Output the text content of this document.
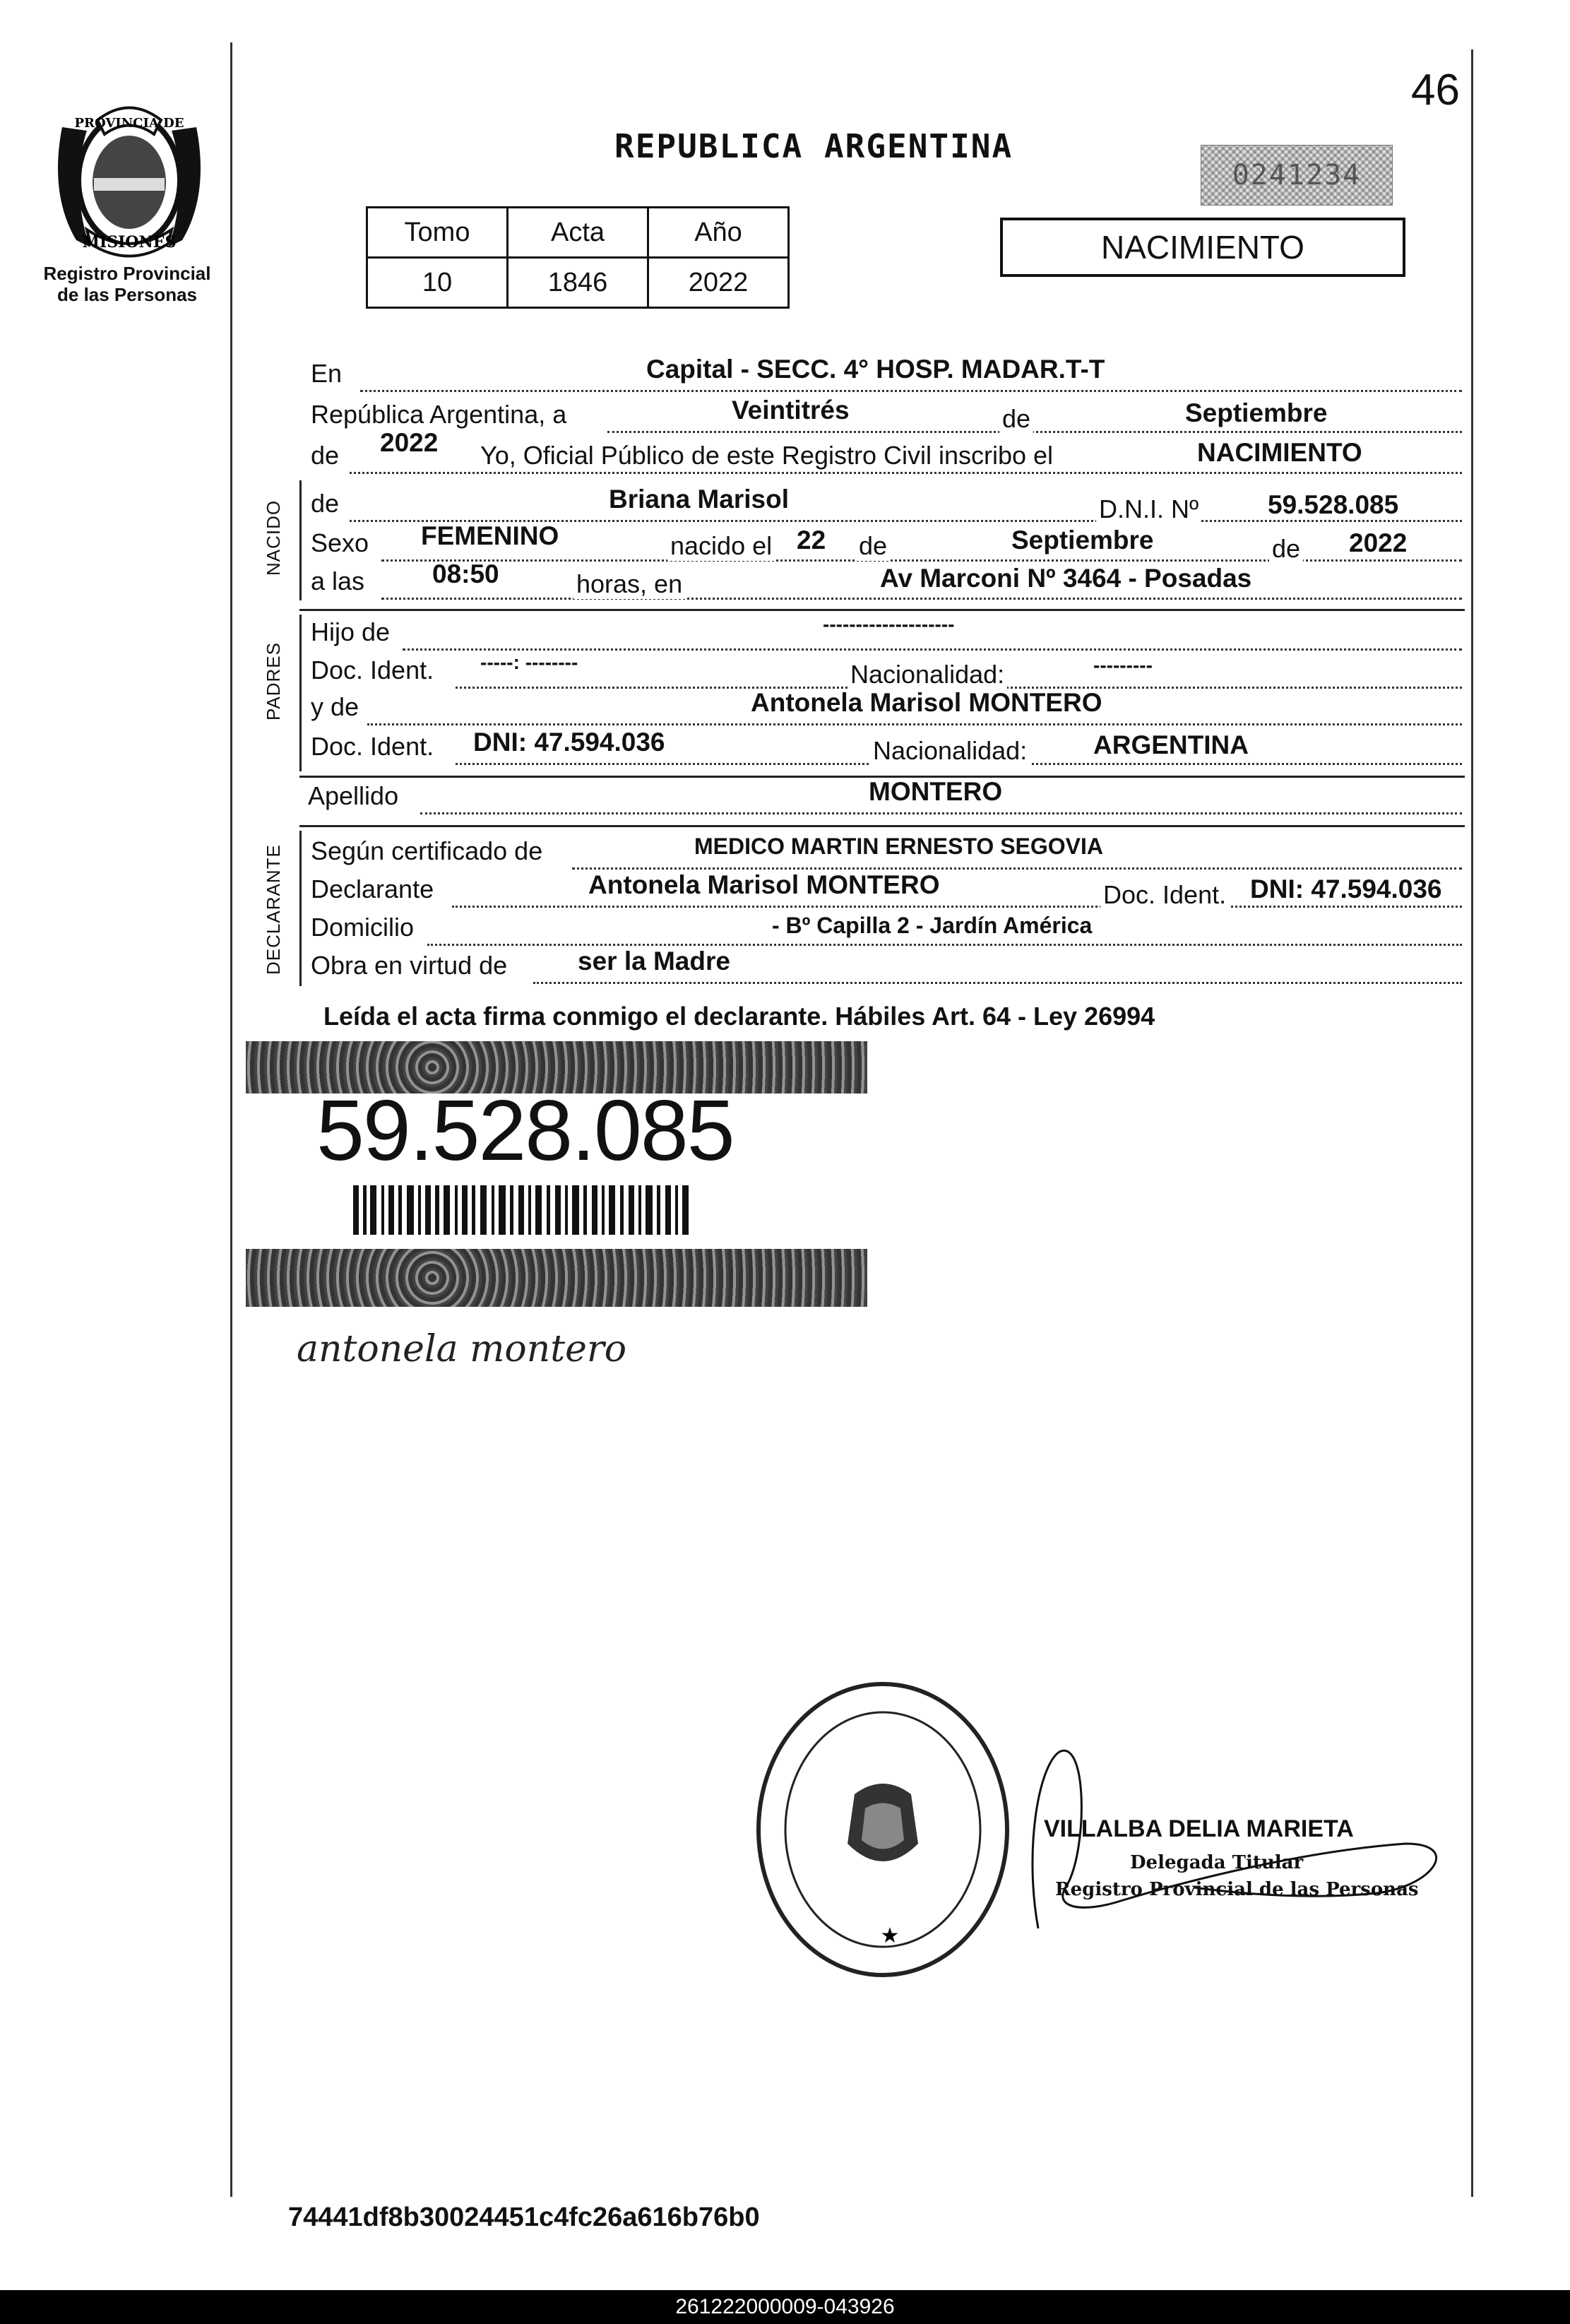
46
PROVINCIA DE
MISIONES
Registro Provincial
de las Personas
REPUBLICA ARGENTINA
0241234
Tomo	Acta	Año
10	1846	2022
NACIMIENTO
En	Capital - SECC. 4° HOSP. MADAR.T-T
República Argentina, a	Veintitrés	de	Septiembre
de 2022 Yo, Oficial Público de este Registro Civil inscribo el	NACIMIENTO
NACIDO de	Briana Marisol	D.N.I. Nº	59.528.085
Sexo FEMENINO	nacido el 22 de	Septiembre	de 2022
a las	08:50	horas, en	Av Marconi Nº 3464 - Posadas
PADRES
Hijo de	--------------------
Doc. Ident. -----: --------	Nacionalidad:	---------
y de	Antonela Marisol MONTERO
Doc. Ident. DNI: 47.594.036	Nacionalidad:	ARGENTINA
Apellido	MONTERO
DECLARANTE Según certificado de	MEDICO MARTIN ERNESTO SEGOVIA
Declarante	Antonela Marisol MONTERO	Doc. Ident. DNI: 47.594.036
Domicilio	- Bº Capilla 2 - Jardín América
Obra en virtud de	ser la Madre
Leída el acta firma conmigo el declarante. Hábiles Art. 64 - Ley 26994
59.528.085
antonela montero
★
VILLALBA DELIA MARIETA
Delegada Titular
Registro Provincial de las Personas
74441df8b30024451c4fc26a616b76b0
261222000009-043926
